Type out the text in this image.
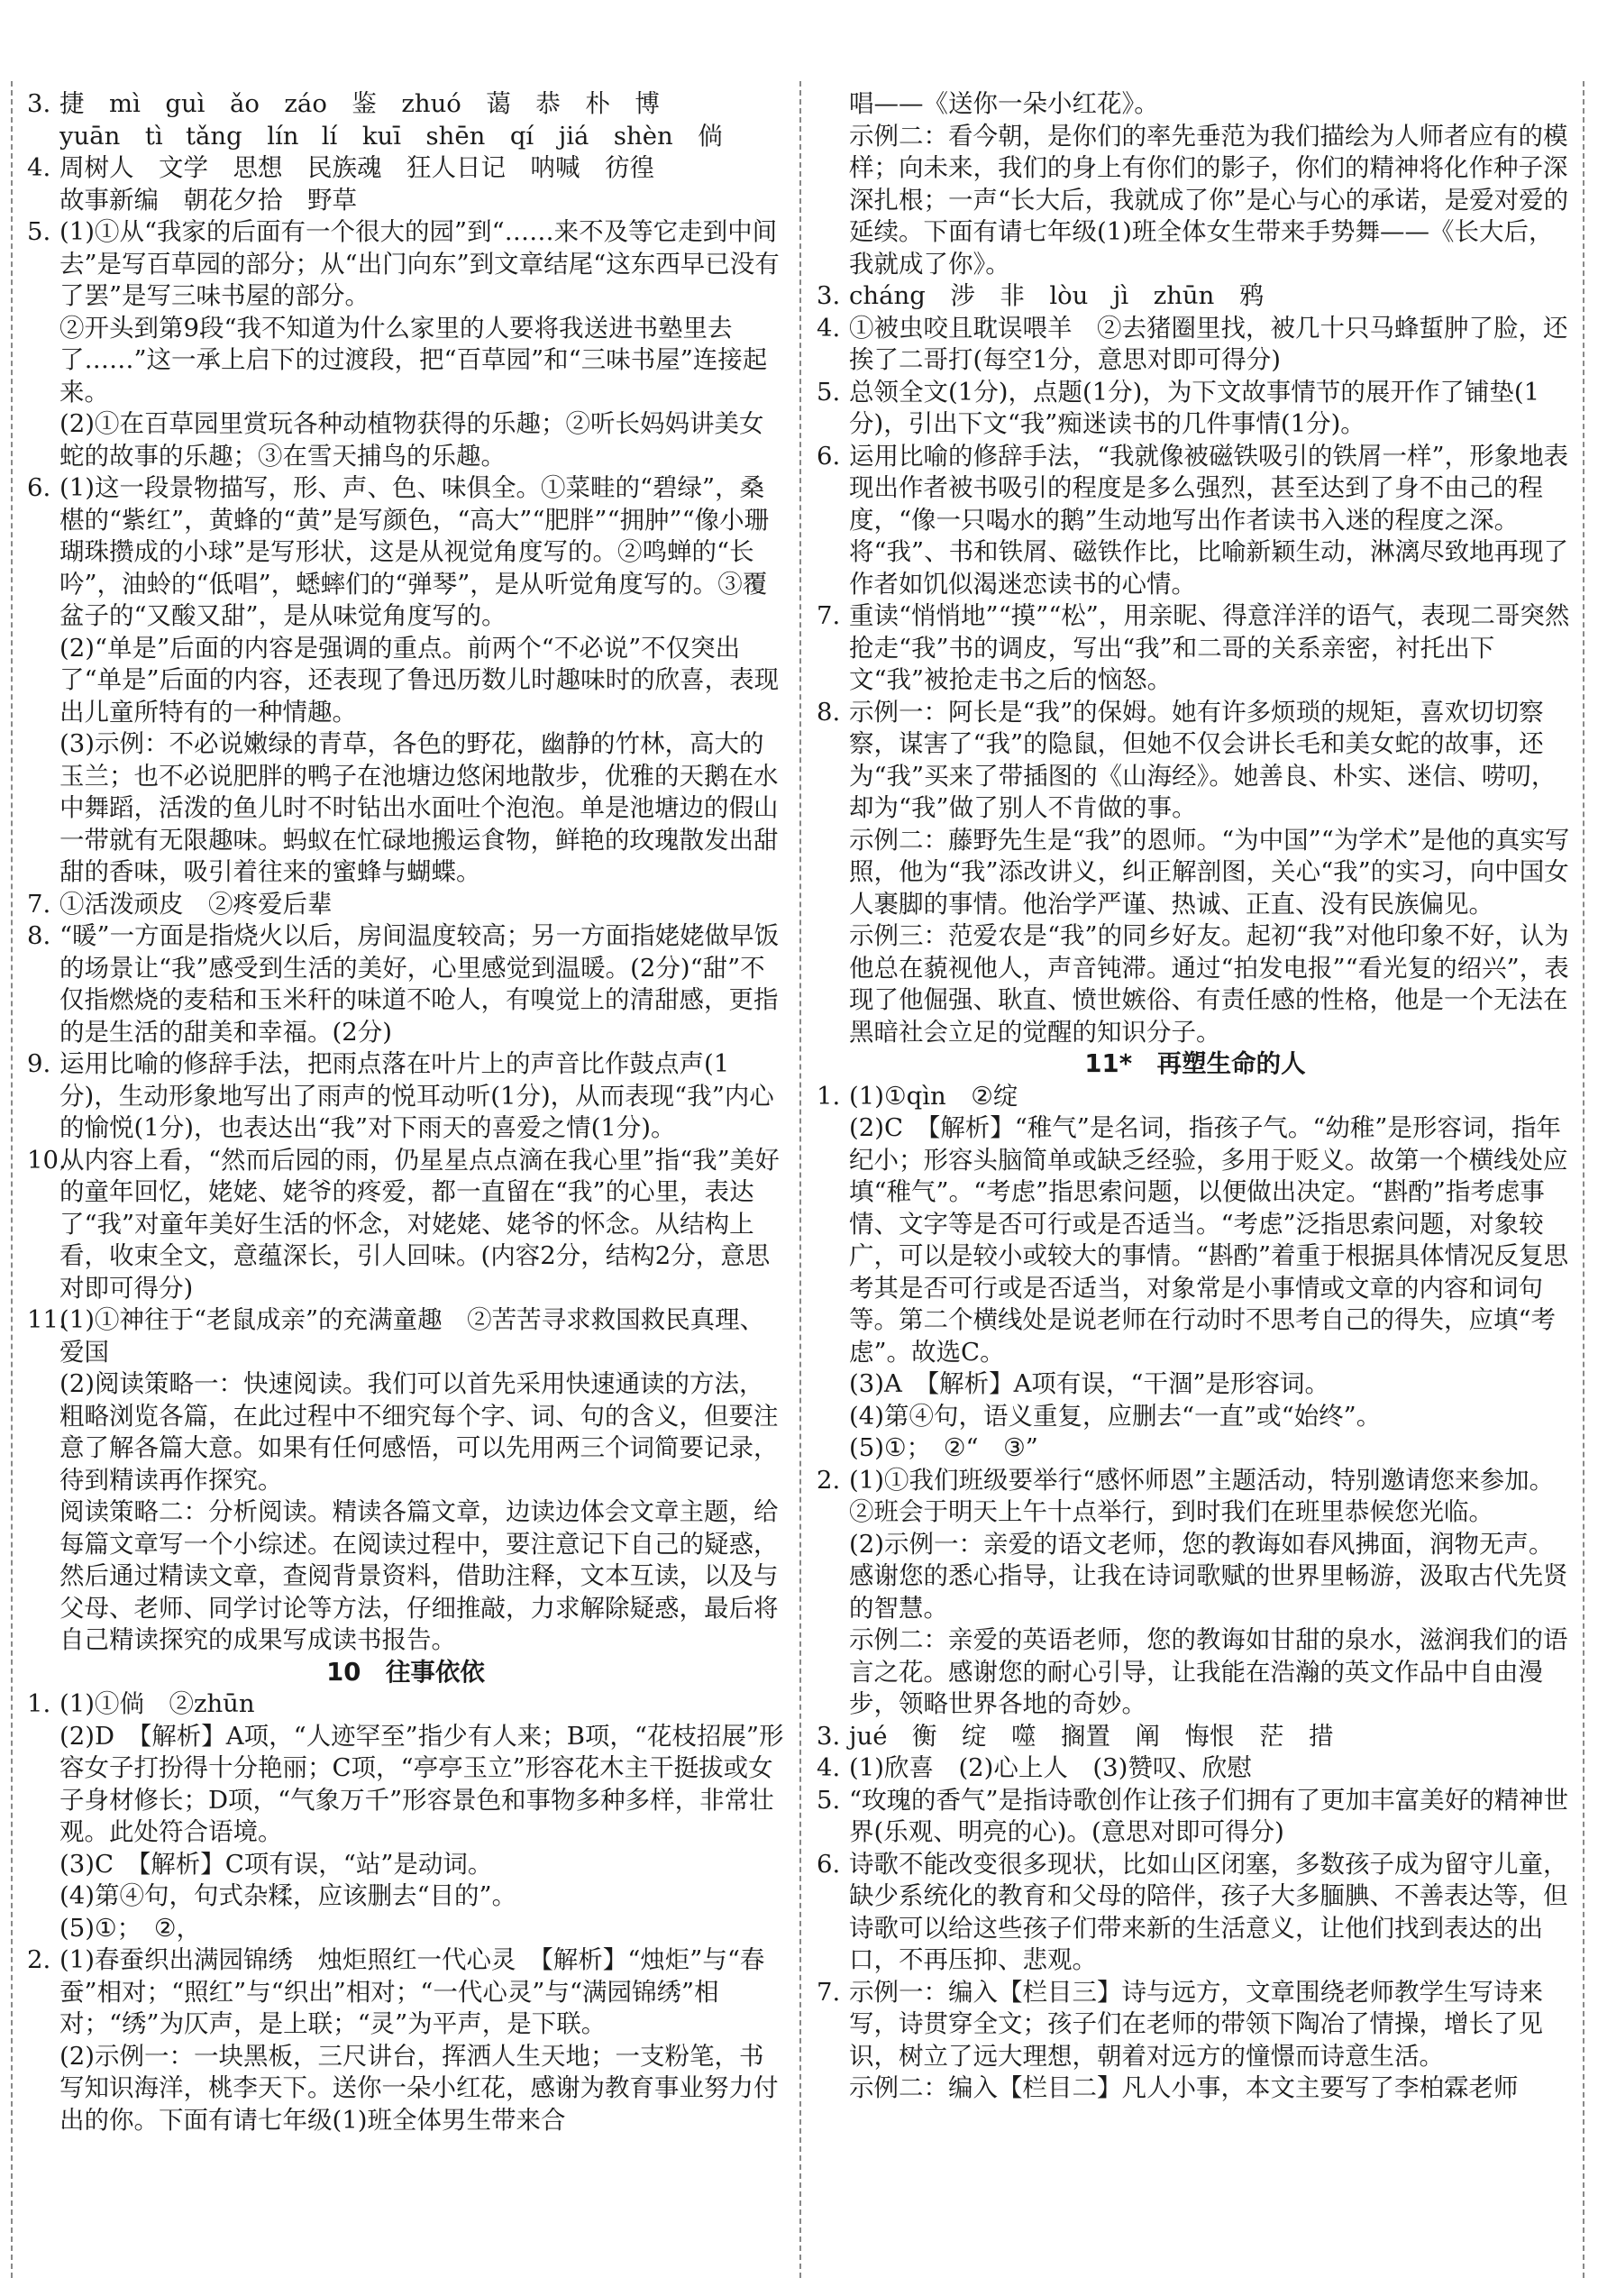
3. 捷　mì　guì　ǎo　záo　鉴　zhuó　蔼　恭　朴　博

yuān　tì tǎng　lín lí　kuī　shēn　qí　jiá　shèn　倘

4. 周树人　文学　思想　民族魂　狂人日记　呐喊　彷徨

故事新编　朝花夕拾　野草

5. (1)①从“我家的后面有一个很大的园”到“……来不及等它走到中间去”是写百草园的部分；从“出门向东”到文章结尾“这东西早已没有了罢”是写三味书屋的部分。

②开头到第9段“我不知道为什么家里的人要将我送进书塾里去了……”这一承上启下的过渡段，把“百草园”和“三味书屋”连接起来。

(2)①在百草园里赏玩各种动植物获得的乐趣；②听长妈妈讲美女蛇的故事的乐趣；③在雪天捕鸟的乐趣。

6. (1)这一段景物描写，形、声、色、味俱全。①菜畦的“碧绿”，桑椹的“紫红”，黄蜂的“黄”是写颜色，“高大”“肥胖”“拥肿”“像小珊瑚珠攒成的小球”是写形状，这是从视觉角度写的。②鸣蝉的“长吟”，油蛉的“低唱”，蟋蟀们的“弹琴”，是从听觉角度写的。③覆盆子的“又酸又甜”，是从味觉角度写的。

(2)“单是”后面的内容是强调的重点。前两个“不必说”不仅突出了“单是”后面的内容，还表现了鲁迅历数儿时趣味时的欣喜，表现出儿童所特有的一种情趣。

(3)示例：不必说嫩绿的青草，各色的野花，幽静的竹林，高大的玉兰；也不必说肥胖的鸭子在池塘边悠闲地散步，优雅的天鹅在水中舞蹈，活泼的鱼儿时不时钻出水面吐个泡泡。单是池塘边的假山一带就有无限趣味。蚂蚁在忙碌地搬运食物，鲜艳的玫瑰散发出甜甜的香味，吸引着往来的蜜蜂与蝴蝶。

7. ①活泼顽皮　②疼爱后辈

8. “暖”一方面是指烧火以后，房间温度较高；另一方面指姥姥做早饭的场景让“我”感受到生活的美好，心里感觉到温暖。(2分)“甜”不仅指燃烧的麦秸和玉米秆的味道不呛人，有嗅觉上的清甜感，更指的是生活的甜美和幸福。(2分)

9. 运用比喻的修辞手法，把雨点落在叶片上的声音比作鼓点声(1分)，生动形象地写出了雨声的悦耳动听(1分)，从而表现“我”内心的愉悦(1分)，也表达出“我”对下雨天的喜爱之情(1分)。

10.
从内容上看，“然而后园的雨，仍星星点点滴在我心里”指“我”美好的童年回忆，姥姥、姥爷的疼爱，都一直留在“我”的心里，表达了“我”对童年美好生活的怀念，对姥姥、姥爷的怀念。从结构上看，收束全文，意蕴深长，引人回味。(内容2分，结构2分，意思对即可得分)

11.
(1)①神往于“老鼠成亲”的充满童趣　②苦苦寻求救国救民真理、爱国

(2)阅读策略一：快速阅读。我们可以首先采用快速通读的方法，粗略浏览各篇，在此过程中不细究每个字、词、句的含义，但要注意了解各篇大意。如果有任何感悟，可以先用两三个词简要记录，待到精读再作探究。

阅读策略二：分析阅读。精读各篇文章，边读边体会文章主题，给每篇文章写一个小综述。在阅读过程中，要注意记下自己的疑惑，然后通过精读文章，查阅背景资料，借助注释，文本互读，以及与父母、老师、同学讨论等方法，仔细推敲，力求解除疑惑，最后将自己精读探究的成果写成读书报告。

10　往事依依

1. (1)①倘　②zhūn

(2)D　【解析】A项，“人迹罕至”指少有人来；B项，“花枝招展”形容女子打扮得十分艳丽；C项，“亭亭玉立”形容花木主干挺拔或女子身材修长；D项，“气象万千”形容景色和事物多种多样，非常壮观。此处符合语境。

(3)C　【解析】C项有误，“站”是动词。

(4)第④句，句式杂糅，应该删去“目的”。

(5)①；　②，

2. (1)春蚕织出满园锦绣　烛炬照红一代心灵　【解析】“烛炬”与“春蚕”相对；“照红”与“织出”相对；“一代心灵”与“满园锦绣”相对；“绣”为仄声，是上联；“灵”为平声，是下联。

(2)示例一：一块黑板，三尺讲台，挥洒人生天地；一支粉笔，书写知识海洋，桃李天下。送你一朵小红花，感谢为教育事业努力付出的你。下面有请七年级(1)班全体男生带来合

唱——《送你一朵小红花》。

示例二：看今朝，是你们的率先垂范为我们描绘为人师者应有的模样；向未来，我们的身上有你们的影子，你们的精神将化作种子深深扎根；一声“长大后，我就成了你”是心与心的承诺，是爱对爱的延续。下面有请七年级(1)班全体女生带来手势舞——《长大后，我就成了你》。

3. cháng　涉　非　lòu　jì　zhūn　鸦

4. ①被虫咬且耽误喂羊　②去猪圈里找，被几十只马蜂蜇肿了脸，还挨了二哥打(每空1分，意思对即可得分)

5. 总领全文(1分)，点题(1分)，为下文故事情节的展开作了铺垫(1分)，引出下文“我”痴迷读书的几件事情(1分)。

6. 运用比喻的修辞手法，“我就像被磁铁吸引的铁屑一样”，形象地表现出作者被书吸引的程度是多么强烈，甚至达到了身不由己的程度，“像一只喝水的鹅”生动地写出作者读书入迷的程度之深。将“我”、书和铁屑、磁铁作比，比喻新颖生动，淋漓尽致地再现了作者如饥似渴迷恋读书的心情。

7. 重读“悄悄地”“摸”“松”，用亲昵、得意洋洋的语气，表现二哥突然抢走“我”书的调皮，写出“我”和二哥的关系亲密，衬托出下文“我”被抢走书之后的恼怒。

8. 示例一：阿长是“我”的保姆。她有许多烦琐的规矩，喜欢切切察察，谋害了“我”的隐鼠，但她不仅会讲长毛和美女蛇的故事，还为“我”买来了带插图的《山海经》。她善良、朴实、迷信、唠叨，却为“我”做了别人不肯做的事。

示例二：藤野先生是“我”的恩师。“为中国”“为学术”是他的真实写照，他为“我”添改讲义，纠正解剖图，关心“我”的实习，向中国女人裹脚的事情。他治学严谨、热诚、正直、没有民族偏见。

示例三：范爱农是“我”的同乡好友。起初“我”对他印象不好，认为他总在藐视他人，声音钝滞。通过“拍发电报”“看光复的绍兴”，表现了他倔强、耿直、愤世嫉俗、有责任感的性格，他是一个无法在黑暗社会立足的觉醒的知识分子。

11*　再塑生命的人

1. (1)①qìn　②绽

(2)C　【解析】“稚气”是名词，指孩子气。“幼稚”是形容词，指年纪小；形容头脑简单或缺乏经验，多用于贬义。故第一个横线处应填“稚气”。“考虑”指思索问题，以便做出决定。“斟酌”指考虑事情、文字等是否可行或是否适当。“考虑”泛指思索问题，对象较广，可以是较小或较大的事情。“斟酌”着重于根据具体情况反复思考其是否可行或是否适当，对象常是小事情或文章的内容和词句等。第二个横线处是说老师在行动时不思考自己的得失，应填“考虑”。故选C。

(3)A　【解析】A项有误，“干涸”是形容词。

(4)第④句，语义重复，应删去“一直”或“始终”。

(5)①；　②“　③”

2. (1)①我们班级要举行“感怀师恩”主题活动，特别邀请您来参加。　②班会于明天上午十点举行，到时我们在班里恭候您光临。

(2)示例一：亲爱的语文老师，您的教诲如春风拂面，润物无声。感谢您的悉心指导，让我在诗词歌赋的世界里畅游，汲取古代先贤的智慧。

示例二：亲爱的英语老师，您的教诲如甘甜的泉水，滋润我们的语言之花。感谢您的耐心引导，让我能在浩瀚的英文作品中自由漫步，领略世界各地的奇妙。

3. jué　衡　绽　噬　搁置　阐　悔恨　茫　措

4. (1)欣喜　(2)心上人　(3)赞叹、欣慰

5. “玫瑰的香气”是指诗歌创作让孩子们拥有了更加丰富美好的精神世界(乐观、明亮的心)。(意思对即可得分)

6. 诗歌不能改变很多现状，比如山区闭塞，多数孩子成为留守儿童，缺少系统化的教育和父母的陪伴，孩子大多腼腆、不善表达等，但诗歌可以给这些孩子们带来新的生活意义，让他们找到表达的出口，不再压抑、悲观。

7. 示例一：编入【栏目三】诗与远方，文章围绕老师教学生写诗来写，诗贯穿全文；孩子们在老师的带领下陶冶了情操，增长了见识，树立了远大理想，朝着对远方的憧憬而诗意生活。

示例二：编入【栏目二】凡人小事，本文主要写了李柏霖老师
